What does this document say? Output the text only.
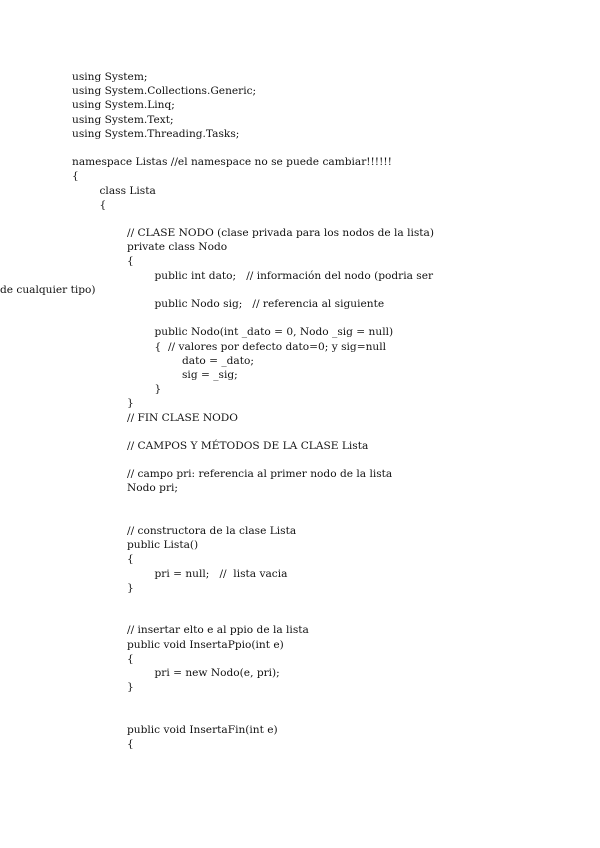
using System;
using System.Collections.Generic;
using System.Linq;
using System.Text;
using System.Threading.Tasks;
namespace Listas //el namespace no se puede cambiar!!!!!!
{
class Lista
{
// CLASE NODO (clase privada para los nodos de la lista)
private class Nodo
{
public int dato;   // información del nodo (podria ser
de cualquier tipo)
public Nodo sig;   // referencia al siguiente
public Nodo(int _dato = 0, Nodo _sig = null)
{  // valores por defecto dato=0; y sig=null
dato = _dato;
sig = _sig;
}
}
// FIN CLASE NODO
// CAMPOS Y MÉTODOS DE LA CLASE Lista
// campo pri: referencia al primer nodo de la lista
Nodo pri;
// constructora de la clase Lista
public Lista()
{
pri = null;   //  lista vacia
}
// insertar elto e al ppio de la lista
public void InsertaPpio(int e)
{
pri = new Nodo(e, pri);
}
public void InsertaFin(int e)
{
